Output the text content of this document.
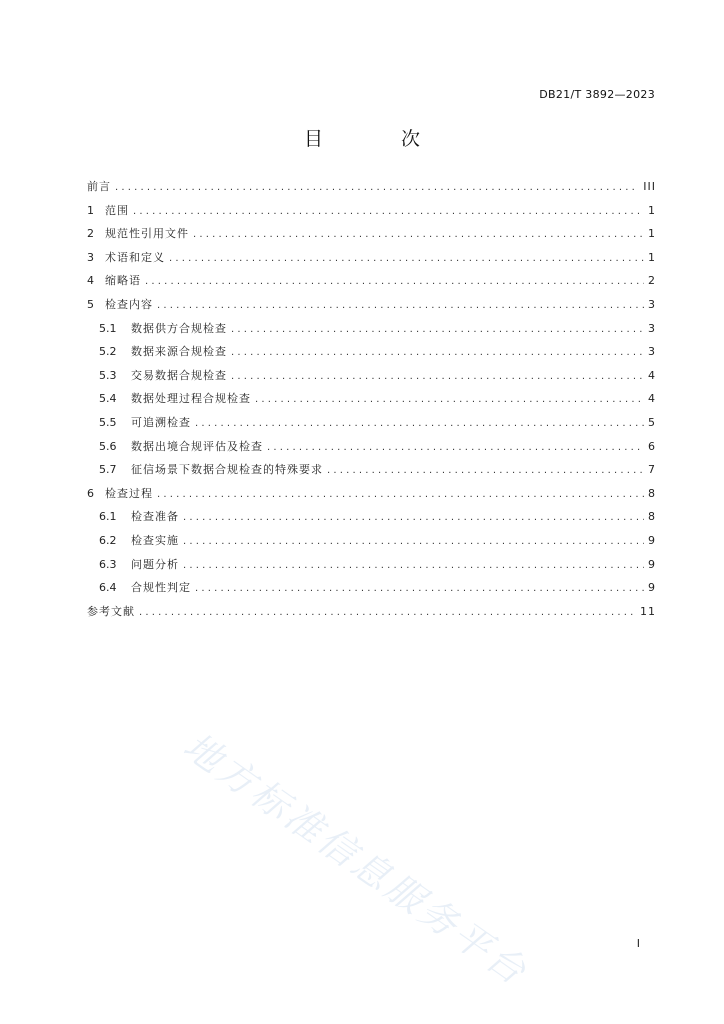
DB21/T 3892—2023
目 次
前言 .....	III
1	范围 .....	1
2	规范性引用文件 .....	1
3	术语和定义 .....	1
4	缩略语 .....	2
5	检查内容 .....	3
5.1	数据供方合规检查 .....	3
5.2	数据来源合规检查 .....	3
5.3	交易数据合规检查 .....	4
5.4	数据处理过程合规检查 .....	4
5.5	可追溯检查 .....	5
5.6	数据出境合规评估及检查 .....	6
5.7	征信场景下数据合规检查的特殊要求 .....	7
6	检查过程 .....	8
6.1	检查准备 .....	8
6.2	检查实施 .....	9
6.3	问题分析 .....	9
6.4	合规性判定 .....	9
参考文献 .....	11
地方标准信息服务平台	I
